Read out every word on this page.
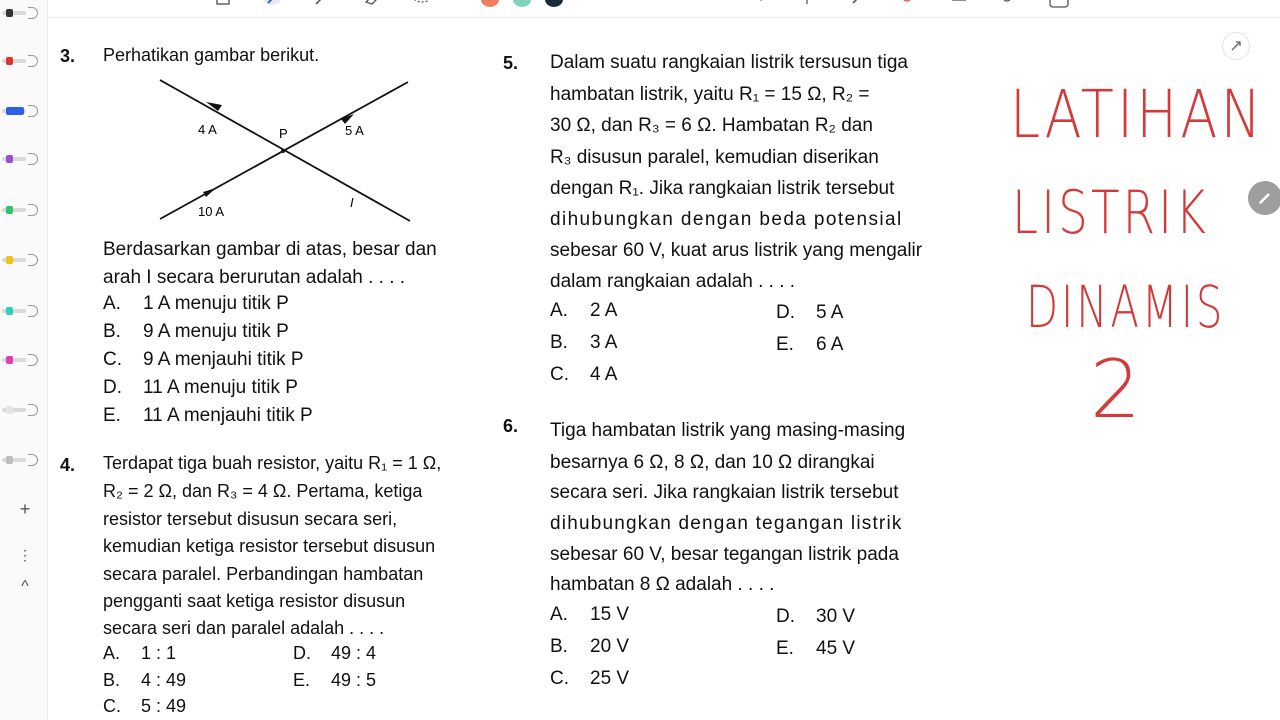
+
⋮
^
3. Perhatikan gambar berikut.
4 A	P	5 A
10 A
I
Berdasarkan gambar di atas, besar dan
arah I secara berurutan adalah . . . .
A. 1 A menuju titik P
B. 9 A menuju titik P
C. 9 A menjauhi titik P
D. 11 A menuju titik P
E. 11 A menjauhi titik P
4. Terdapat tiga buah resistor, yaitu R₁ = 1 Ω,
R₂ = 2 Ω, dan R₃ = 4 Ω. Pertama, ketiga
resistor tersebut disusun secara seri,
kemudian ketiga resistor tersebut disusun
secara paralel. Perbandingan hambatan
pengganti saat ketiga resistor disusun
secara seri dan paralel adalah . . . .
A. 1 : 1	D. 49 : 4
B. 4 : 49	E. 49 : 5
C. 5 : 49
5. Dalam suatu rangkaian listrik tersusun tiga
hambatan listrik, yaitu R₁ = 15 Ω, R₂ =
30 Ω, dan R₃ = 6 Ω. Hambatan R₂ dan
R₃ disusun paralel, kemudian diserikan
dengan R₁. Jika rangkaian listrik tersebut
dihubungkan dengan beda potensial
sebesar 60 V, kuat arus listrik yang mengalir
dalam rangkaian adalah . . . .
A. 2 A	D. 5 A
B. 3 A	E. 6 A
C. 4 A
6. Tiga hambatan listrik yang masing-masing
besarnya 6 Ω, 8 Ω, dan 10 Ω dirangkai
secara seri. Jika rangkaian listrik tersebut
dihubungkan dengan tegangan listrik
sebesar 60 V, besar tegangan listrik pada
hambatan 8 Ω adalah . . . .
A. 15 V	D. 30 V
B. 20 V	E. 45 V
C. 25 V
LATIHAN
LISTRIK
DINAMIS
2
